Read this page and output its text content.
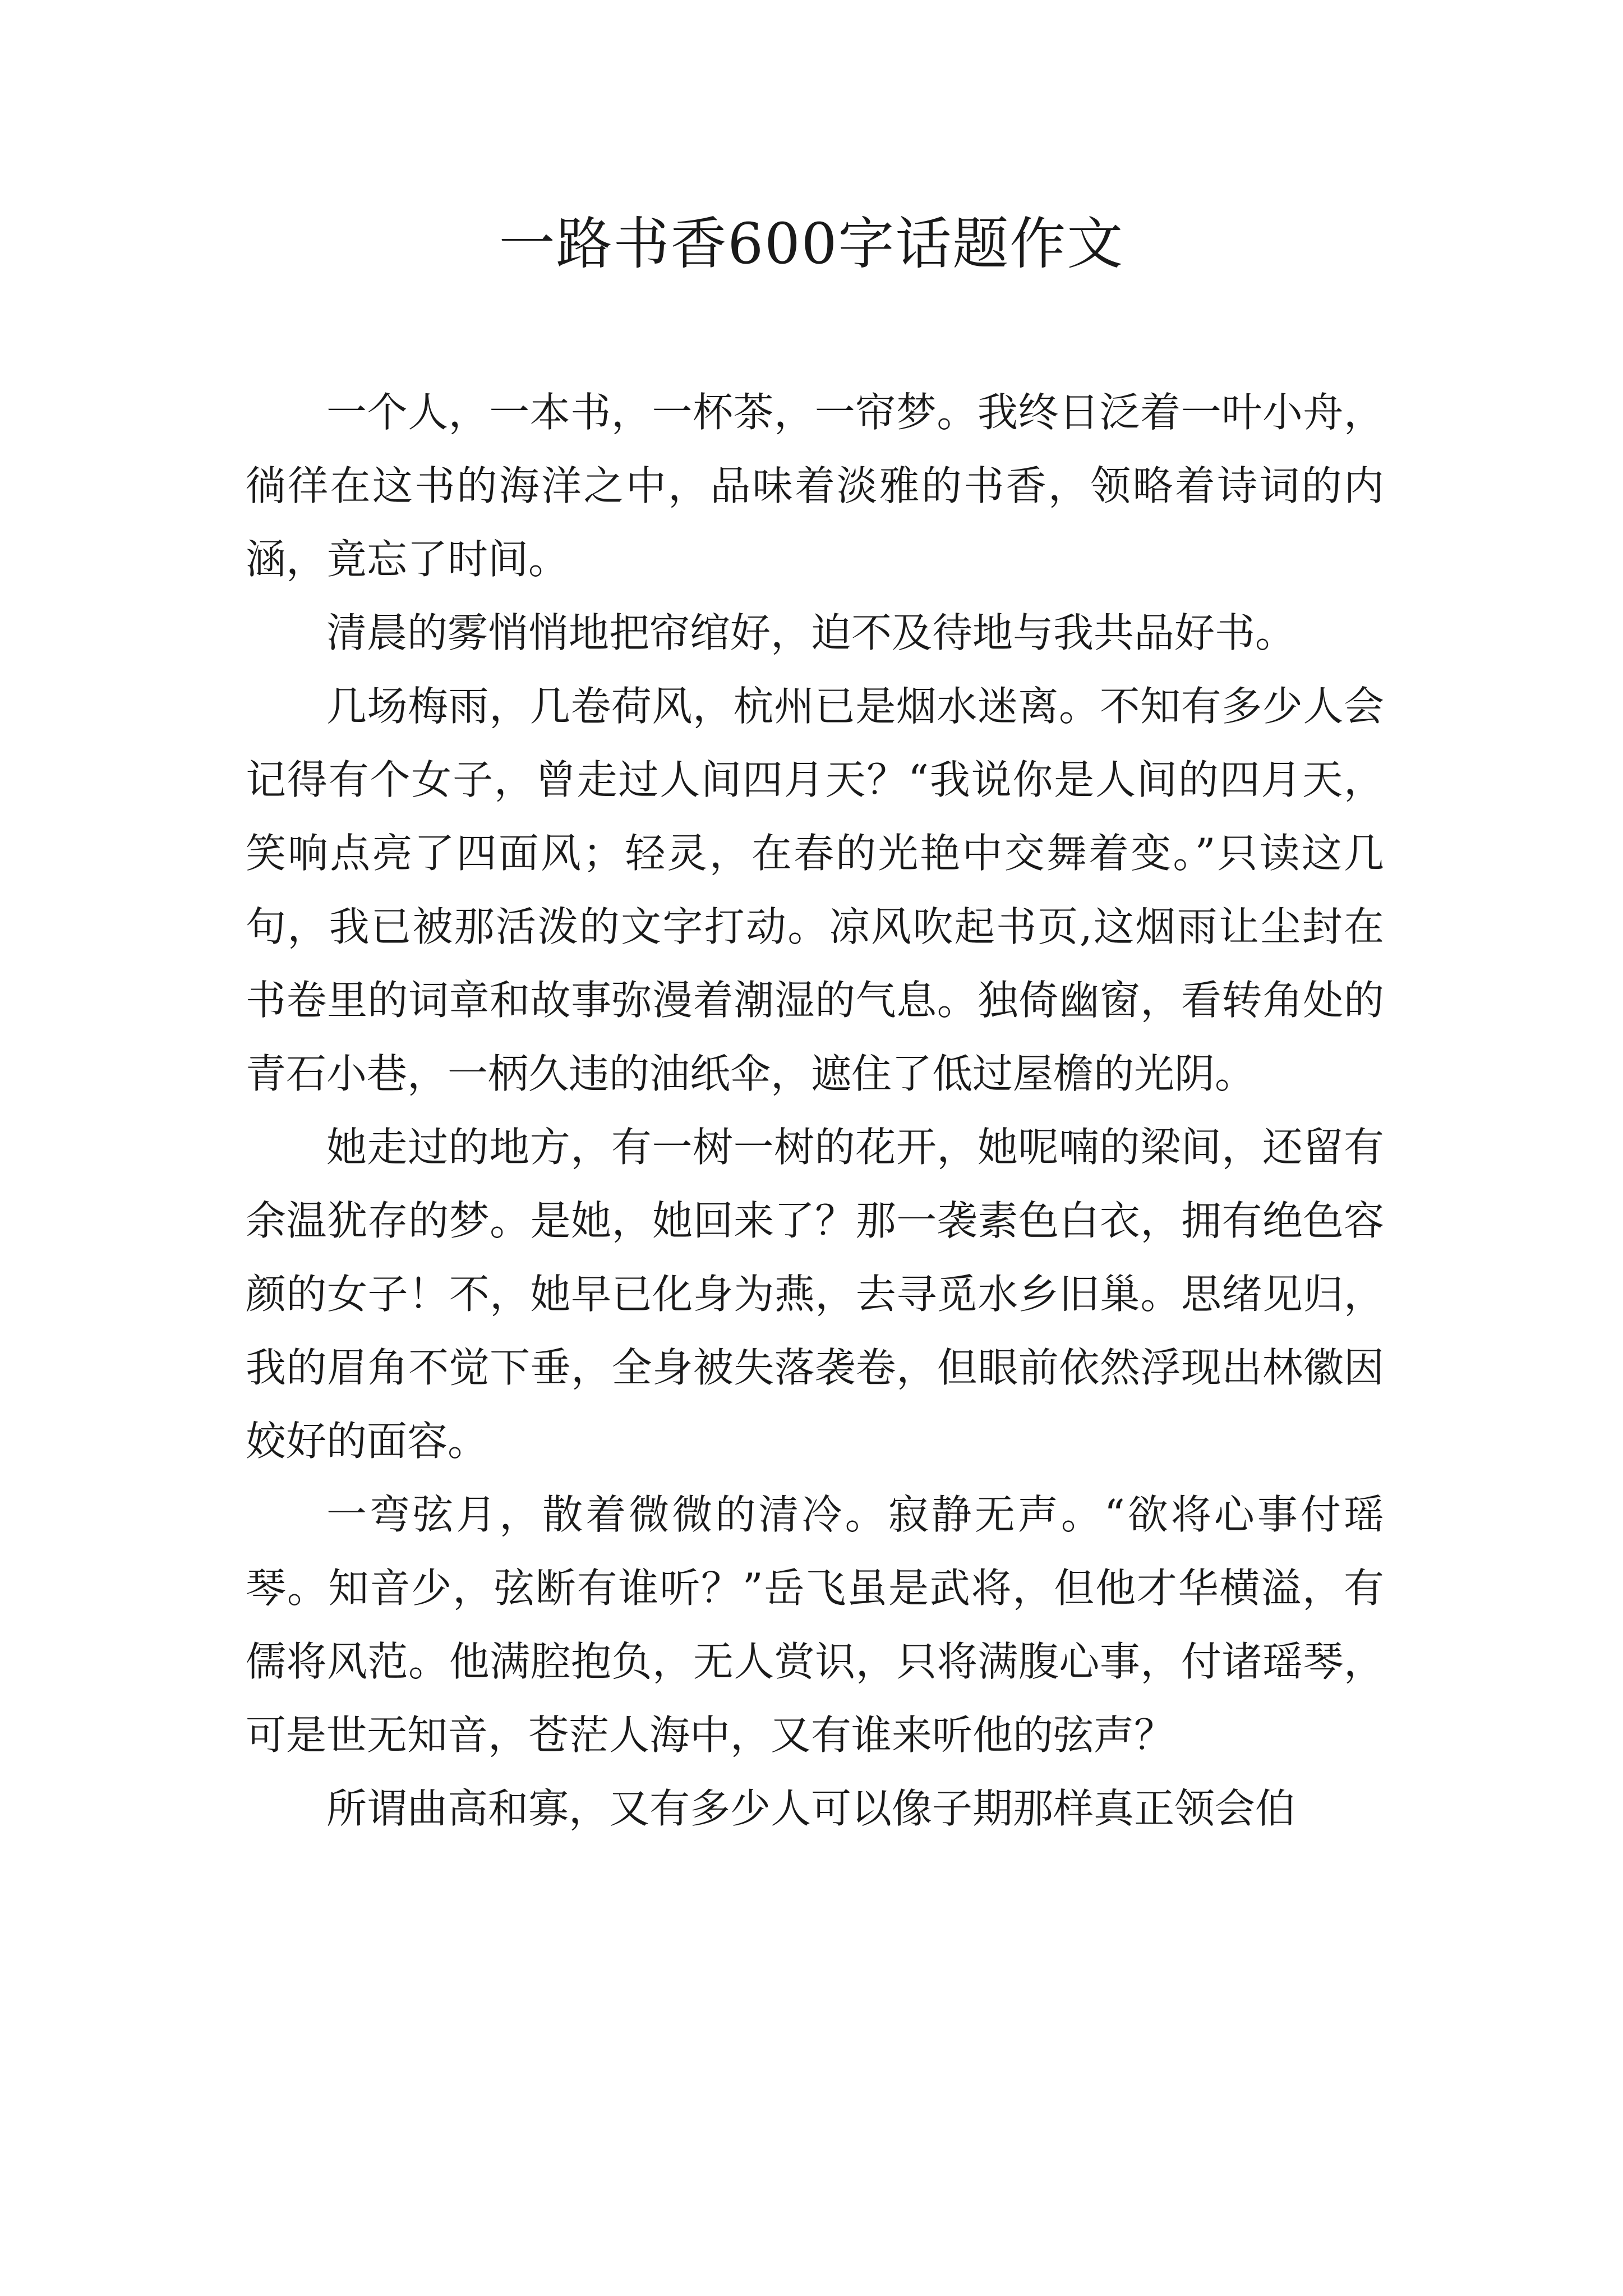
一路书香600字话题作文

一个人，一本书，一杯茶，一帘梦。我终日泛着一叶小舟，徜徉在这书的海洋之中，品味着淡雅的书香，领略着诗词的内涵，竟忘了时间。

清晨的雾悄悄地把帘绾好，迫不及待地与我共品好书。

几场梅雨，几卷荷风，杭州已是烟水迷离。不知有多少人会记得有个女子，曾走过人间四月天？“我说你是人间的四月天，笑响点亮了四面风；轻灵，在春的光艳中交舞着变。”只读这几句，我已被那活泼的文字打动。凉风吹起书页,这烟雨让尘封在书卷里的词章和故事弥漫着潮湿的气息。独倚幽窗，看转角处的青石小巷，一柄久违的油纸伞，遮住了低过屋檐的光阴。

她走过的地方，有一树一树的花开，她呢喃的梁间，还留有余温犹存的梦。是她，她回来了？那一袭素色白衣，拥有绝色容颜的女子！不，她早已化身为燕，去寻觅水乡旧巢。思绪见归，我的眉角不觉下垂，全身被失落袭卷，但眼前依然浮现出林徽因姣好的面容。

一弯弦月，散着微微的清冷。寂静无声。“欲将心事付瑶琴。知音少，弦断有谁听？”岳飞虽是武将，但他才华横溢，有儒将风范。他满腔抱负，无人赏识，只将满腹心事，付诸瑶琴，可是世无知音，苍茫人海中，又有谁来听他的弦声？

所谓曲高和寡，又有多少人可以像子期那样真正领会伯
